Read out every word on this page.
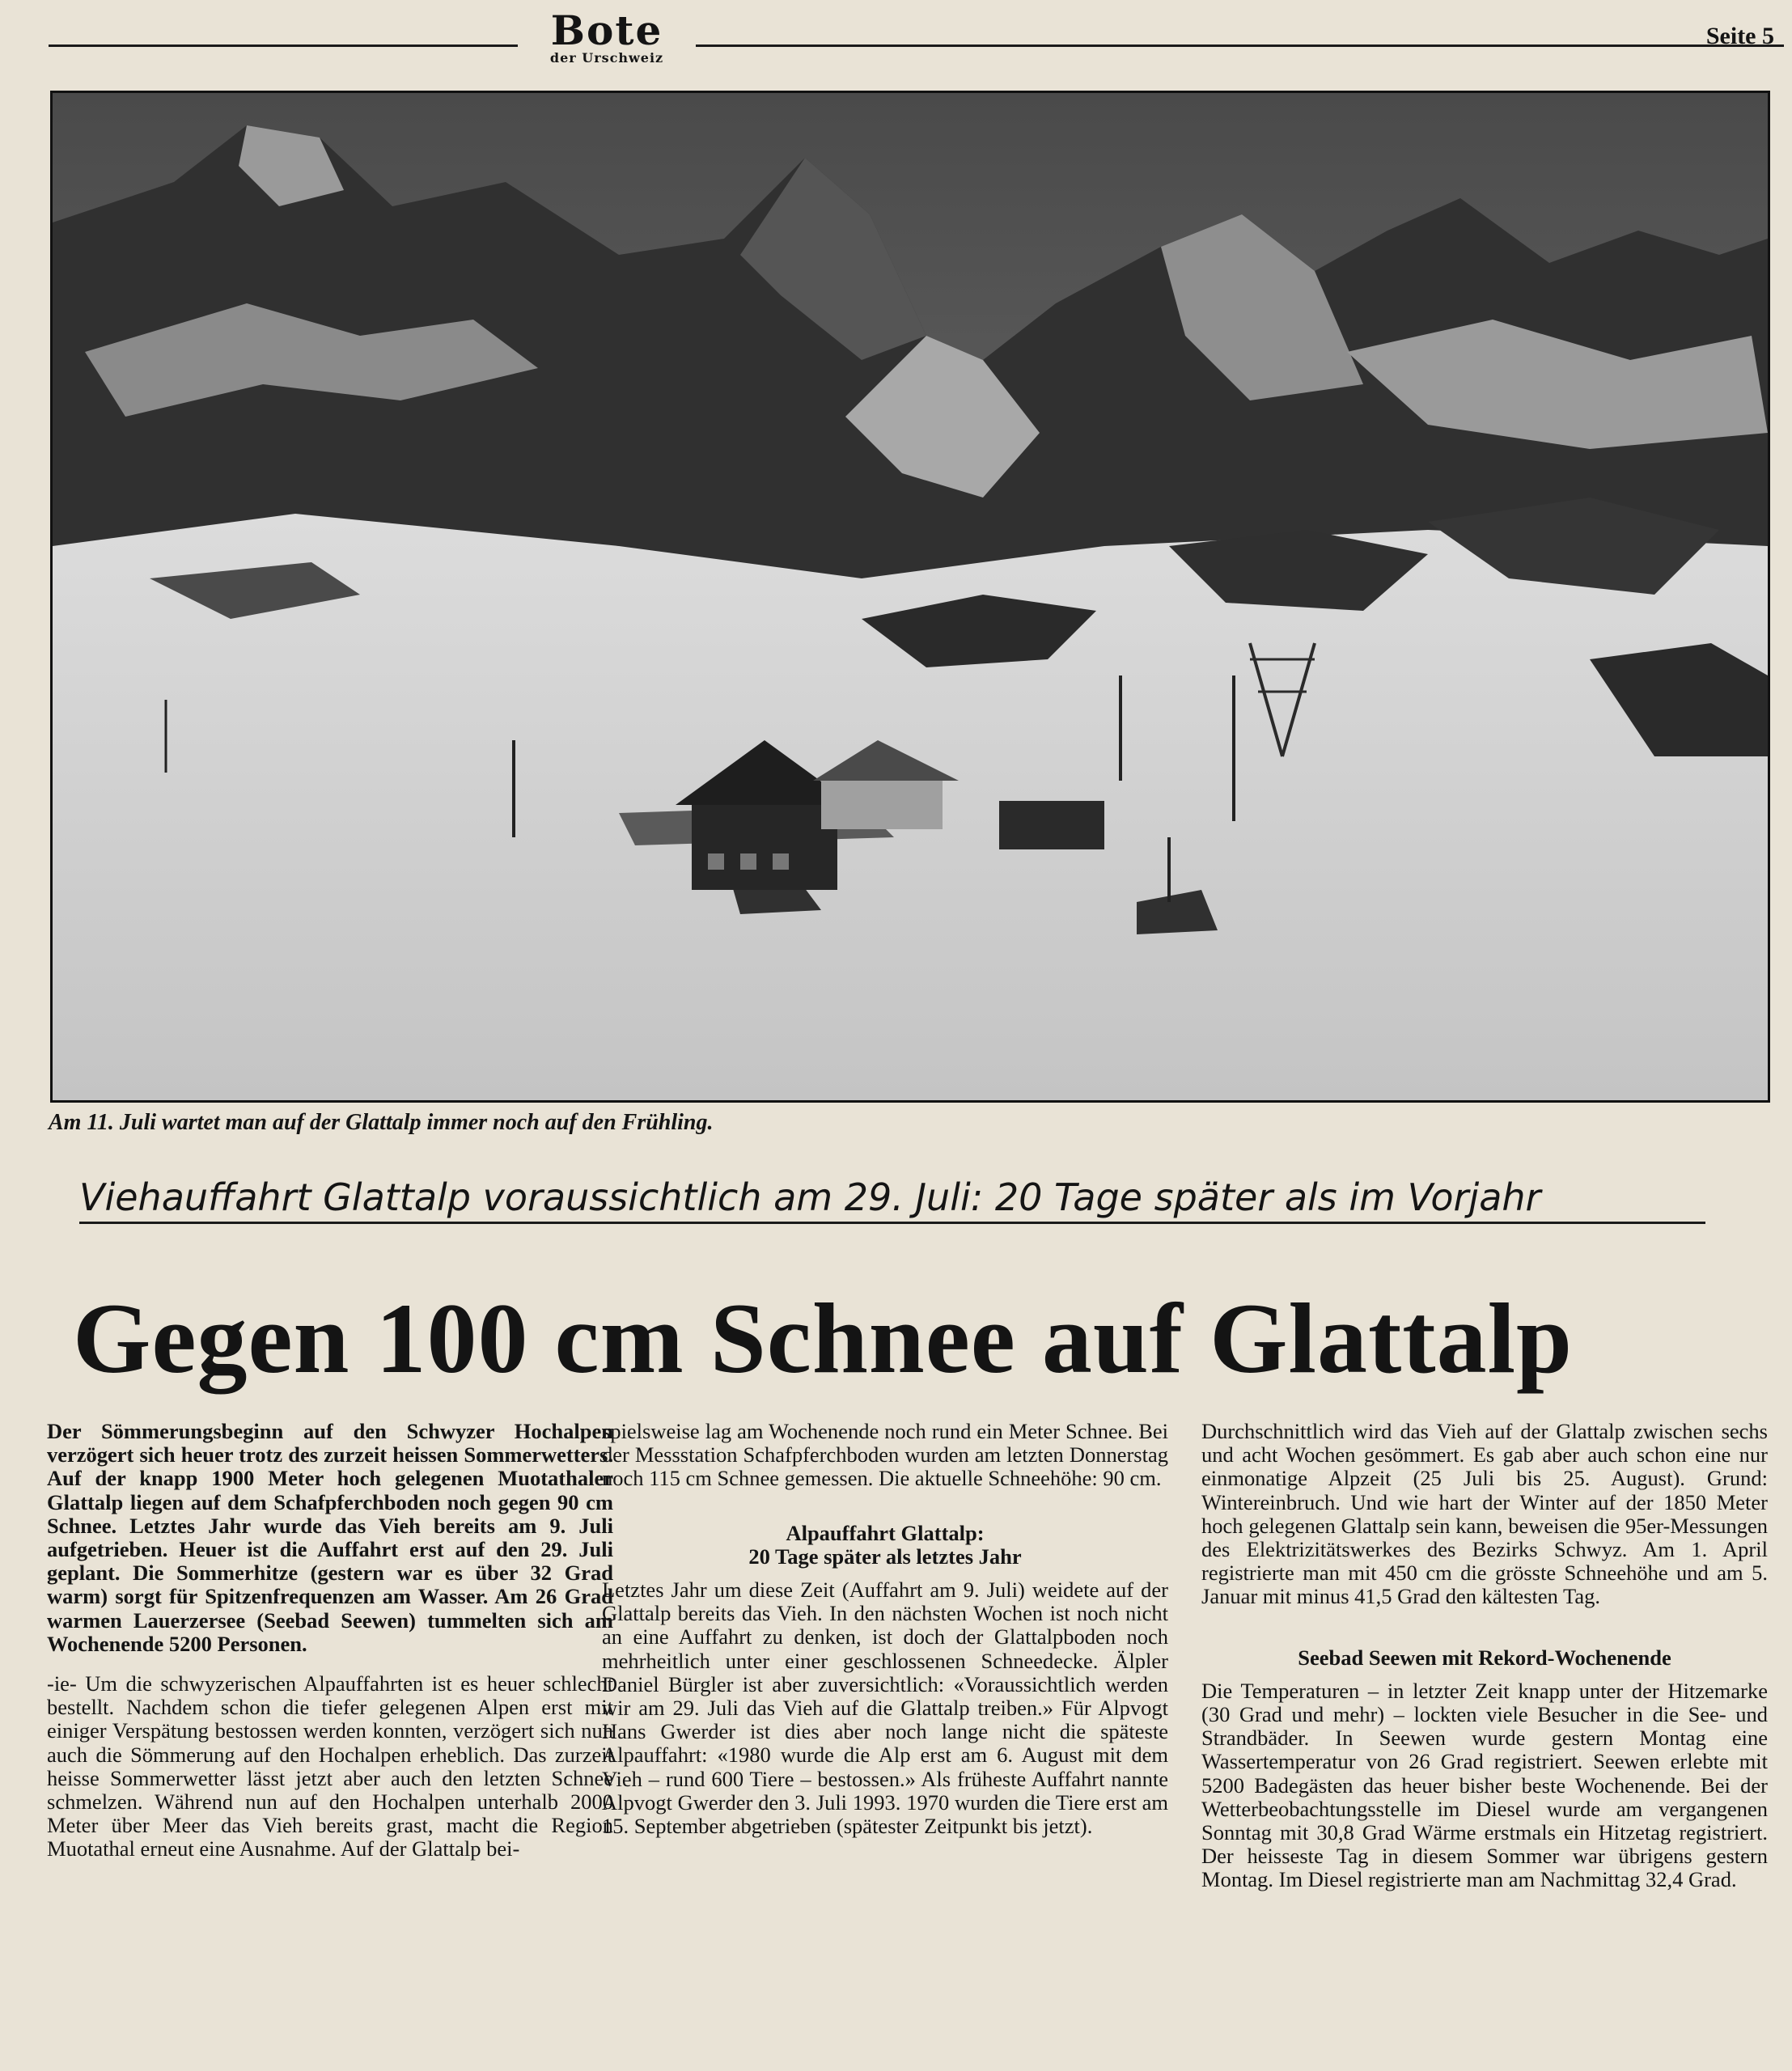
Bote
der Urschweiz
Seite 5
Am 11. Juli wartet man auf der Glattalp immer noch auf den Frühling.
Viehauffahrt Glattalp voraussichtlich am 29. Juli: 20 Tage später als im Vorjahr
Gegen 100 cm Schnee auf Glattalp

Der Sömmerungsbeginn auf den Schwyzer Hochalpen verzögert sich heuer trotz des zurzeit heissen Sommerwetters. Auf der knapp 1900 Meter hoch gelegenen Muotathaler Glattalp liegen auf dem Schafpferchboden noch gegen 90 cm Schnee. Letztes Jahr wurde das Vieh bereits am 9. Juli aufgetrieben. Heuer ist die Auffahrt erst auf den 29. Juli geplant. Die Sommerhitze (gestern war es über 32 Grad warm) sorgt für Spitzenfrequenzen am Wasser. Am 26 Grad warmen Lauerzersee (Seebad Seewen) tummelten sich am Wochenende 5200 Personen.

-ie- Um die schwyzerischen Alpauffahrten ist es heuer schlecht bestellt. Nachdem schon die tiefer gelegenen Alpen erst mit einiger Verspätung bestossen werden konnten, verzögert sich nun auch die Sömmerung auf den Hochalpen erheblich. Das zurzeit heisse Sommerwetter lässt jetzt aber auch den letzten Schnee schmelzen. Während nun auf den Hochalpen unterhalb 2000 Meter über Meer das Vieh bereits grast, macht die Region Muotathal erneut eine Ausnahme. Auf der Glattalp bei-

spielsweise lag am Wochenende noch rund ein Meter Schnee. Bei der Messstation Schafpferchboden wurden am letzten Donnerstag noch 115 cm Schnee gemessen. Die aktuelle Schneehöhe: 90 cm.

Alpauffahrt Glattalp:
20 Tage später als letztes Jahr

Letztes Jahr um diese Zeit (Auffahrt am 9. Juli) weidete auf der Glattalp bereits das Vieh. In den nächsten Wochen ist noch nicht an eine Auffahrt zu denken, ist doch der Glattalpboden noch mehrheitlich unter einer geschlossenen Schneedecke. Älpler Daniel Bürgler ist aber zuversichtlich: «Voraussichtlich werden wir am 29. Juli das Vieh auf die Glattalp treiben.» Für Alpvogt Hans Gwerder ist dies aber noch lange nicht die späteste Alpauffahrt: «1980 wurde die Alp erst am 6. August mit dem Vieh – rund 600 Tiere – bestossen.» Als früheste Auffahrt nannte Alpvogt Gwerder den 3. Juli 1993. 1970 wurden die Tiere erst am 15. September abgetrieben (spätester Zeitpunkt bis jetzt).

Durchschnittlich wird das Vieh auf der Glattalp zwischen sechs und acht Wochen gesömmert. Es gab aber auch schon eine nur einmonatige Alpzeit (25 Juli bis 25. August). Grund: Wintereinbruch. Und wie hart der Winter auf der 1850 Meter hoch gelegenen Glattalp sein kann, beweisen die 95er-Messungen des Elektrizitätswerkes des Bezirks Schwyz. Am 1. April registrierte man mit 450 cm die grösste Schneehöhe und am 5. Januar mit minus 41,5 Grad den kältesten Tag.

Seebad Seewen mit Rekord-Wochenende

Die Temperaturen – in letzter Zeit knapp unter der Hitzemarke (30 Grad und mehr) – lockten viele Besucher in die See- und Strandbäder. In Seewen wurde gestern Montag eine Wassertemperatur von 26 Grad registriert. Seewen erlebte mit 5200 Badegästen das heuer bisher beste Wochenende. Bei der Wetterbeobachtungsstelle im Diesel wurde am vergangenen Sonntag mit 30,8 Grad Wärme erstmals ein Hitzetag registriert. Der heisseste Tag in diesem Sommer war übrigens gestern Montag. Im Diesel registrierte man am Nachmittag 32,4 Grad.
